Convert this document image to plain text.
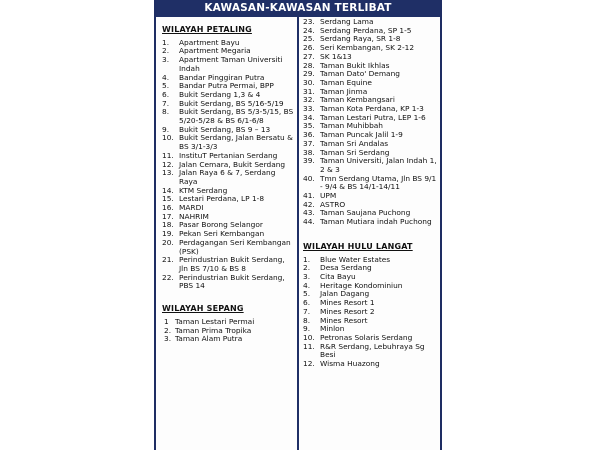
KAWASAN-KAWASAN TERLIBAT
WILAYAH PETALING
1.	Apartment Bayu
2.	Apartment Megaria
3.	Apartment Taman Universiti Indah
4.	Bandar Pinggiran Putra
5.	Bandar Putra Permai, BPP
6.	Bukit Serdang 1,3 & 4
7.	Bukit Serdang, BS 5/16-5/19
8.	Bukit Serdang, BS 5/3-5/15, BS 5/20-5/28 & BS 6/1-6/8
9.	Bukit Serdang, BS 9 – 13
10. Bukit Serdang, Jalan Bersatu & BS 3/1-3/3
11. InstituT Pertanian Serdang
12. Jalan Cemara, Bukit Serdang
13. Jalan Raya 6 & 7, Serdang Raya
14. KTM Serdang
15. Lestari Perdana, LP 1-8
16. MARDI
17. NAHRIM
18. Pasar Borong Selangor
19. Pekan Seri Kembangan
20. Perdagangan Seri Kembangan (PSK)
21. Perindustrian Bukit Serdang, Jln BS 7/10 & BS 8
22. Perindustrian Bukit Serdang, PBS 14
WILAYAH SEPANG
1 Taman Lestari Permai
2. Taman Prima Tropika
3. Taman Alam Putra
23. Serdang Lama
24. Serdang Perdana, SP 1-5
25. Serdang Raya, SR 1-8
26. Seri Kembangan, SK 2-12
27. SK 1&13
28. Taman Bukit Ikhlas
29. Taman Dato' Demang
30. Taman Equine
31. Taman Jinma
32. Taman Kembangsari
33. Taman Kota Perdana, KP 1-3
34. Taman Lestari Putra, LEP 1-6
35. Taman Muhibbah
36. Taman Puncak Jalil 1-9
37. Taman Sri Andalas
38. Taman Sri Serdang
39. Taman Universiti, Jalan Indah 1, 2 & 3
40. Tmn Serdang Utama, Jln BS 9/1 - 9/4 & BS 14/1-14/11
41. UPM
42. ASTRO
43. Taman Saujana Puchong
44. Taman Mutiara indah Puchong
WILAYAH HULU LANGAT
1.	Blue Water Estates
2.	Desa Serdang
3.	Cita Bayu
4.	Heritage Kondominiun
5.	Jalan Dagang
6.	Mines Resort 1
7.	Mines Resort 2
8.	Mines Resort
9.	Minlon
10. Petronas Solaris Serdang
11. R&R Serdang, Lebuhraya Sg Besi
12. Wisma Huazong
